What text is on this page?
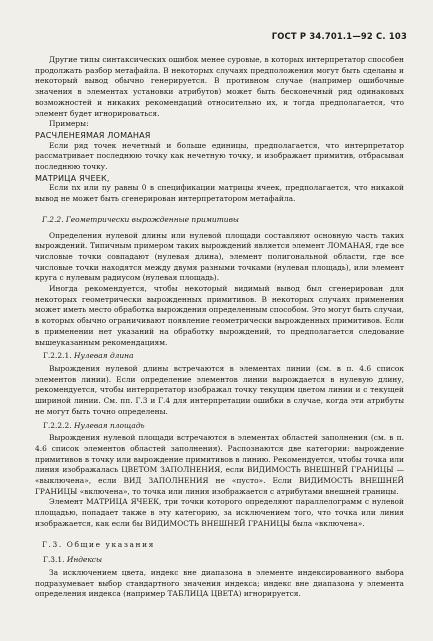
ГОСТ Р 34.701.1—92 С. 103
Другие типы синтаксических ошибок менее суровые, в которых интерпретатор способен продолжать разбор метафайла. В некоторых случаях предположения могут быть сделаны и некоторый вывод обычно генерируется. В противном случае (например ошибочные значения в элементах установки атрибутов) может быть бесконечный ряд одинаковых возможностей и никаких рекомендаций относительно их, и тогда предполагается, что элемент будет игнорироваться.
Примеры:
РАСЧЛЕНЕЯМАЯ ЛОМАНАЯ
Если ряд точек нечетный и больше единицы, предполагается, что интерпретатор рассматривает последнюю точку как нечетную точку, и изображает примитив, отбрасывая последнюю точку.
МАТРИЦА ЯЧЕЕК,
Если nx или ny равны 0 в спецификации матрицы ячеек, предполагается, что никакой вывод не может быть сгенерирован интерпретатором метафайла.
Г.2.2. Геометрически вырожденные примитивы
Определения нулевой длины или нулевой площади составляют основную часть таких вырождений. Типичным примером таких вырождений является элемент ЛОМАНАЯ, где все числовые точки совпадают (нулевая длина), элемент полигональной области, где все числовые точки находятся между двумя разными точками (нулевая площадь), или элемент круга с нулевым радиусом (нулевая площадь).
Иногда рекомендуется, чтобы некоторый видимый вывод был сгенерирован для некоторых геометрически вырожденных примитивов. В некоторых случаях применения может иметь место обработка вырождения определенным способом. Это могут быть случаи, в которых обычно ограничивают появление геометрически вырожденных примитивов. Если в применении нет указаний на обработку вырождений, то предполагается следование вышеуказанным рекомендациям.
Г.2.2.1. Нулевая длина
Вырождения нулевой длины встречаются в элементах линии (см. в п. 4.6 список элементов линии). Если определение элементов линии вырождается в нулевую длину, рекомендуется, чтобы интерпретатор изображал точку текущим цветом линии и с текущей шириной линии. См. пп. Г.3 и Г.4 для интерпретации ошибки в случае, когда эти атрибуты не могут быть точно определены.
Г.2.2.2. Нулевая площадь
Вырождения нулевой площади встречаются в элементах областей заполнения (см. в п. 4.6 список элементов областей заполнения). Распознаются две категории: вырождение примитивов в точку или вырождение примитивов в линию. Рекомендуется, чтобы точка или линия изображалась ЦВЕТОМ ЗАПОЛНЕНИЯ, если ВИДИМОСТЬ ВНЕШНЕЙ ГРАНИЦЫ — «выключена», если ВИД ЗАПОЛНЕНИЯ не «пусто». Если ВИДИМОСТЬ ВНЕШНЕЙ ГРАНИЦЫ «включена», то точка или линия изображается с атрибутами внешней границы.
Элемент МАТРИЦА ЯЧЕЕК, три точки которого определяют параллелограмм с нулевой площадью, попадает также в эту категорию, за исключением того, что точка или линия изображается, как если бы ВИДИМОСТЬ ВНЕШНЕЙ ГРАНИЦЫ была «включена».
Г.3. Общие указания
Г.3.1. Индексы
За исключением цвета, индекс вне диапазона в элементе индексированного выбора подразумевает выбор стандартного значения индекса; индекс вне диапазона у элемента определения индекса (например ТАБЛИЦА ЦВЕТА) игнорируется.
